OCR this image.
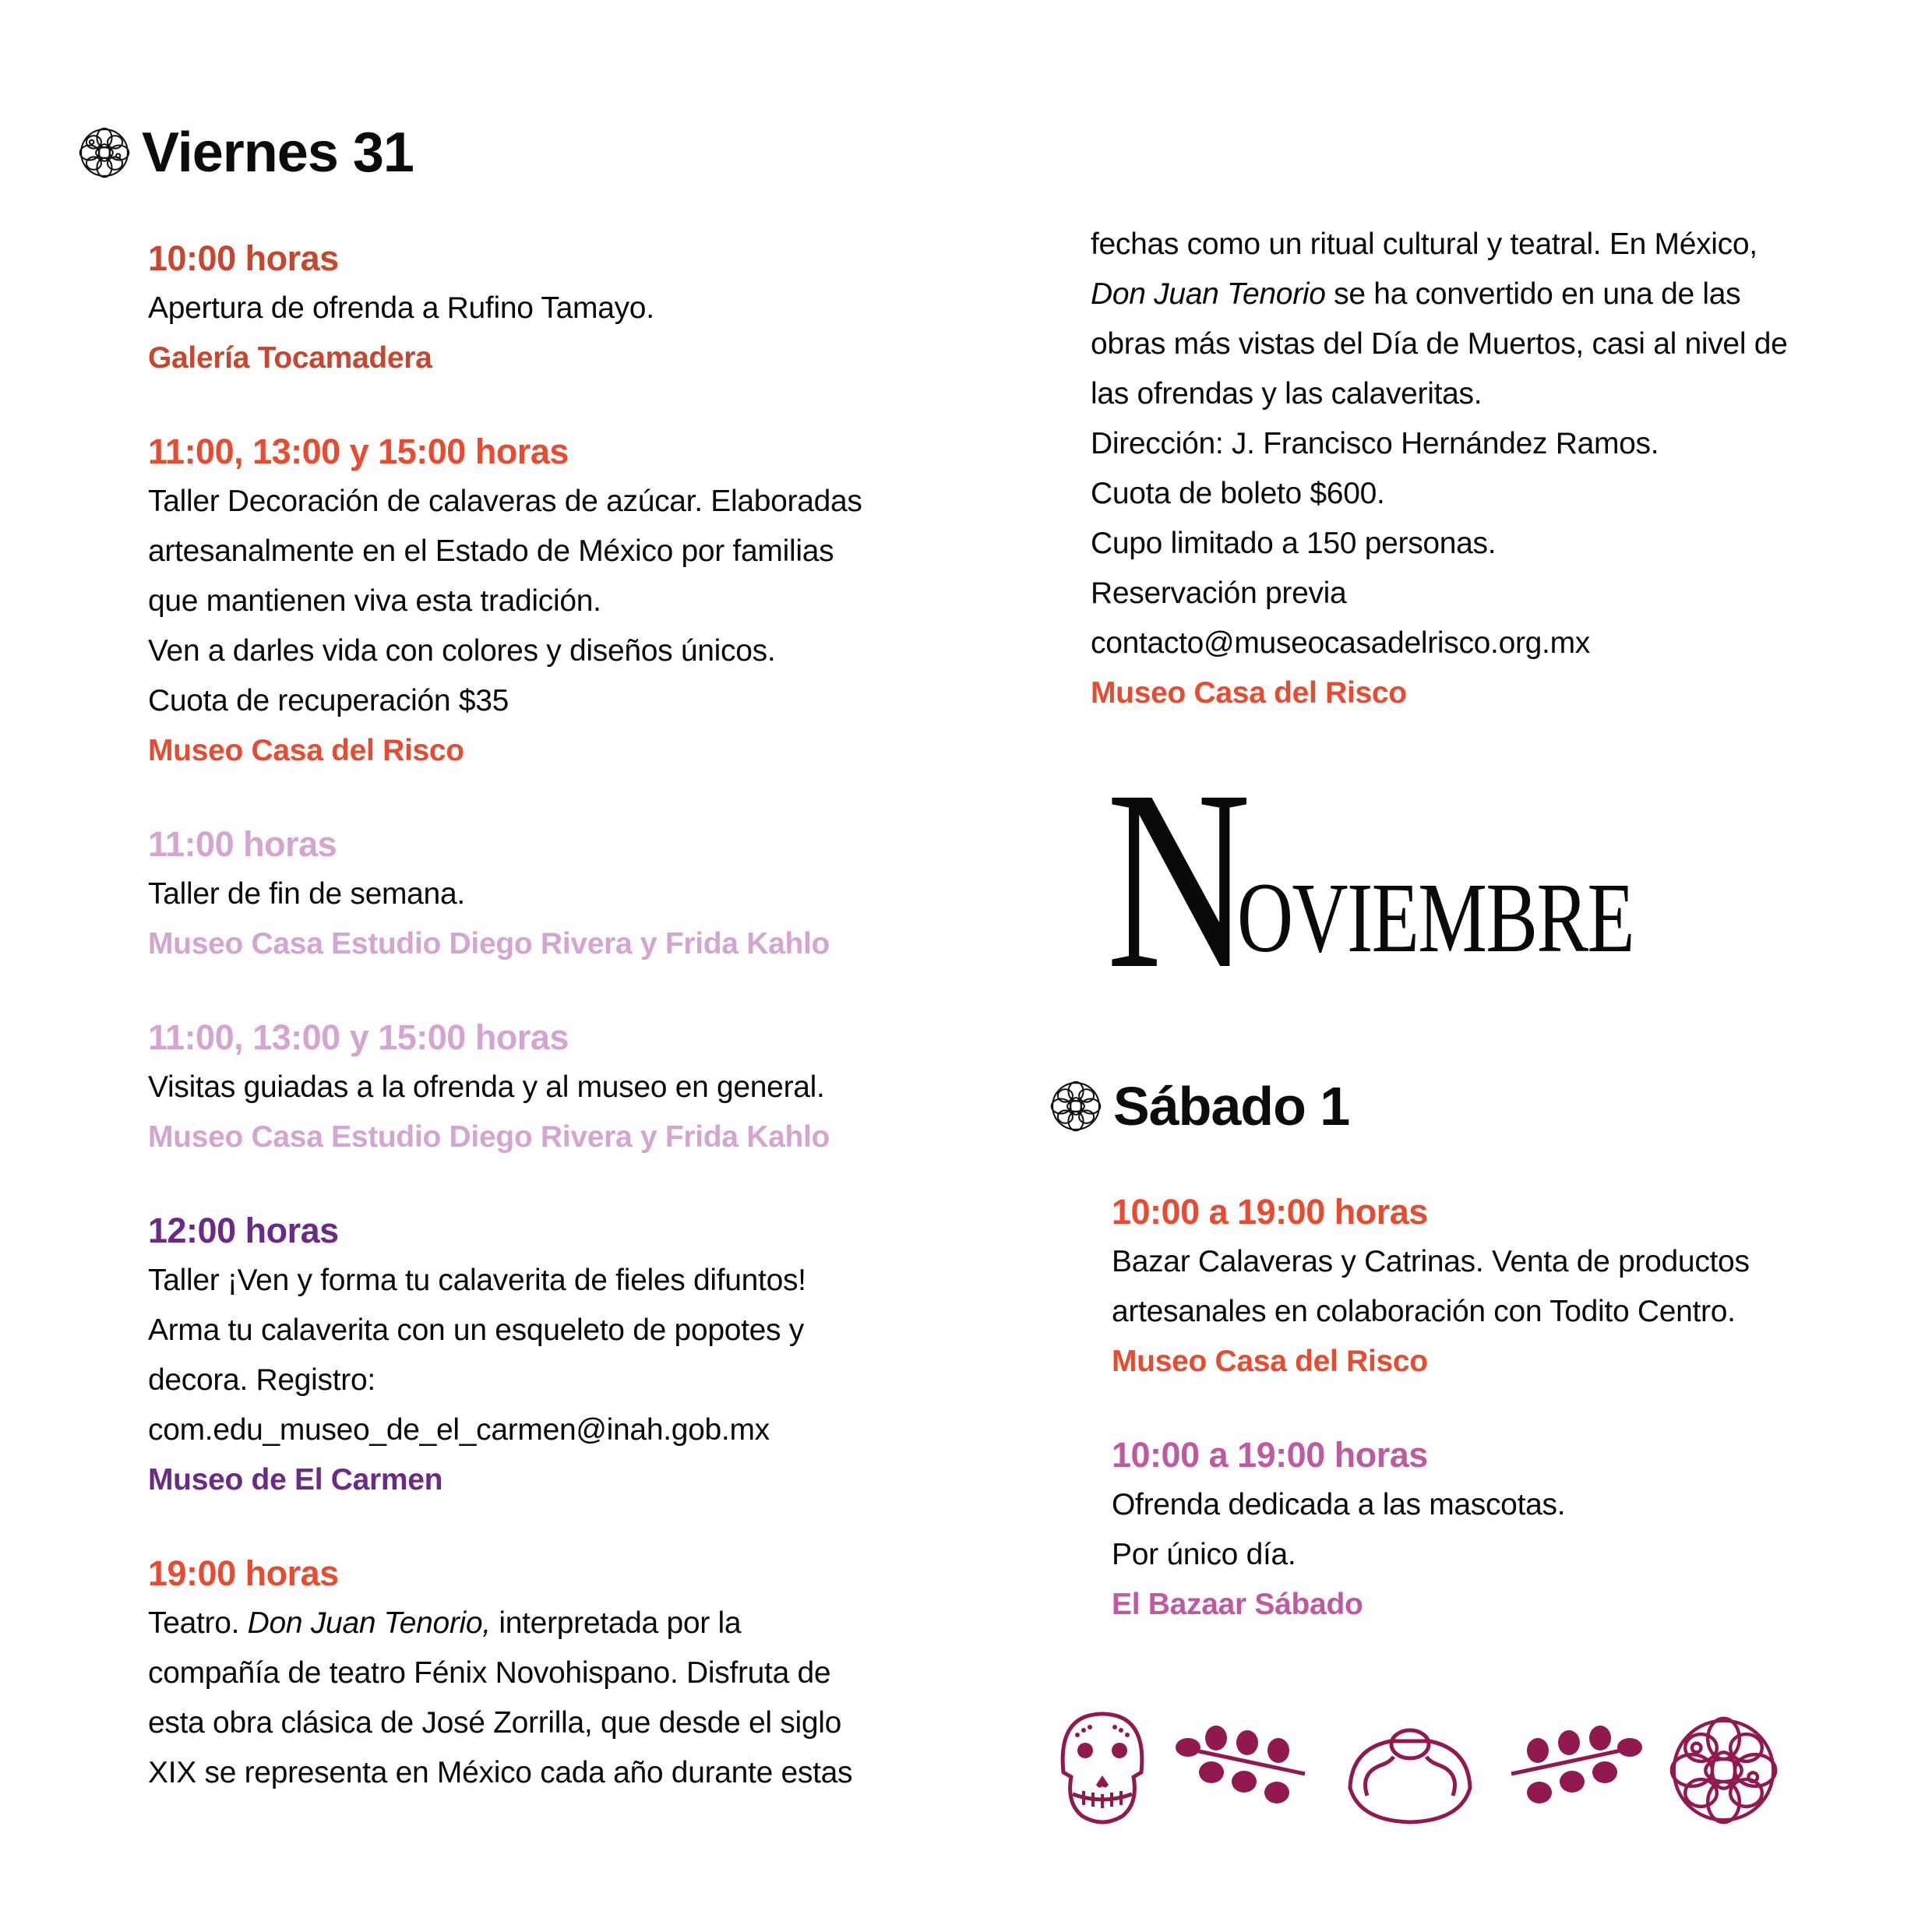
Viernes 31
10:00 horas
Apertura de ofrenda a Rufino Tamayo.
Galería Tocamadera
11:00, 13:00 y 15:00 horas
Taller Decoración de calaveras de azúcar. Elaboradas
artesanalmente en el Estado de México por familias
que mantienen viva esta tradición.
Ven a darles vida con colores y diseños únicos.
Cuota de recuperación $35
Museo Casa del Risco
11:00 horas
Taller de fin de semana.
Museo Casa Estudio Diego Rivera y Frida Kahlo
11:00, 13:00 y 15:00 horas
Visitas guiadas a la ofrenda y al museo en general.
Museo Casa Estudio Diego Rivera y Frida Kahlo
12:00 horas
Taller ¡Ven y forma tu calaverita de fieles difuntos!
Arma tu calaverita con un esqueleto de popotes y
decora. Registro:
com.edu_museo_de_el_carmen@inah.gob.mx
Museo de El Carmen
19:00 horas
Teatro. Don Juan Tenorio, interpretada por la
compañía de teatro Fénix Novohispano. Disfruta de
esta obra clásica de José Zorrilla, que desde el siglo
XIX se representa en México cada año durante estas
fechas como un ritual cultural y teatral. En México,
Don Juan Tenorio se ha convertido en una de las
obras más vistas del Día de Muertos, casi al nivel de
las ofrendas y las calaveritas.
Dirección: J. Francisco Hernández Ramos.
Cuota de boleto $600.
Cupo limitado a 150 personas.
Reservación previa
contacto@museocasadelrisco.org.mx
Museo Casa del Risco
N
OVIEMBRE
Sábado 1
10:00 a 19:00 horas
Bazar Calaveras y Catrinas. Venta de productos
artesanales en colaboración con Todito Centro.
Museo Casa del Risco
10:00 a 19:00 horas
Ofrenda dedicada a las mascotas.
Por único día.
El Bazaar Sábado
